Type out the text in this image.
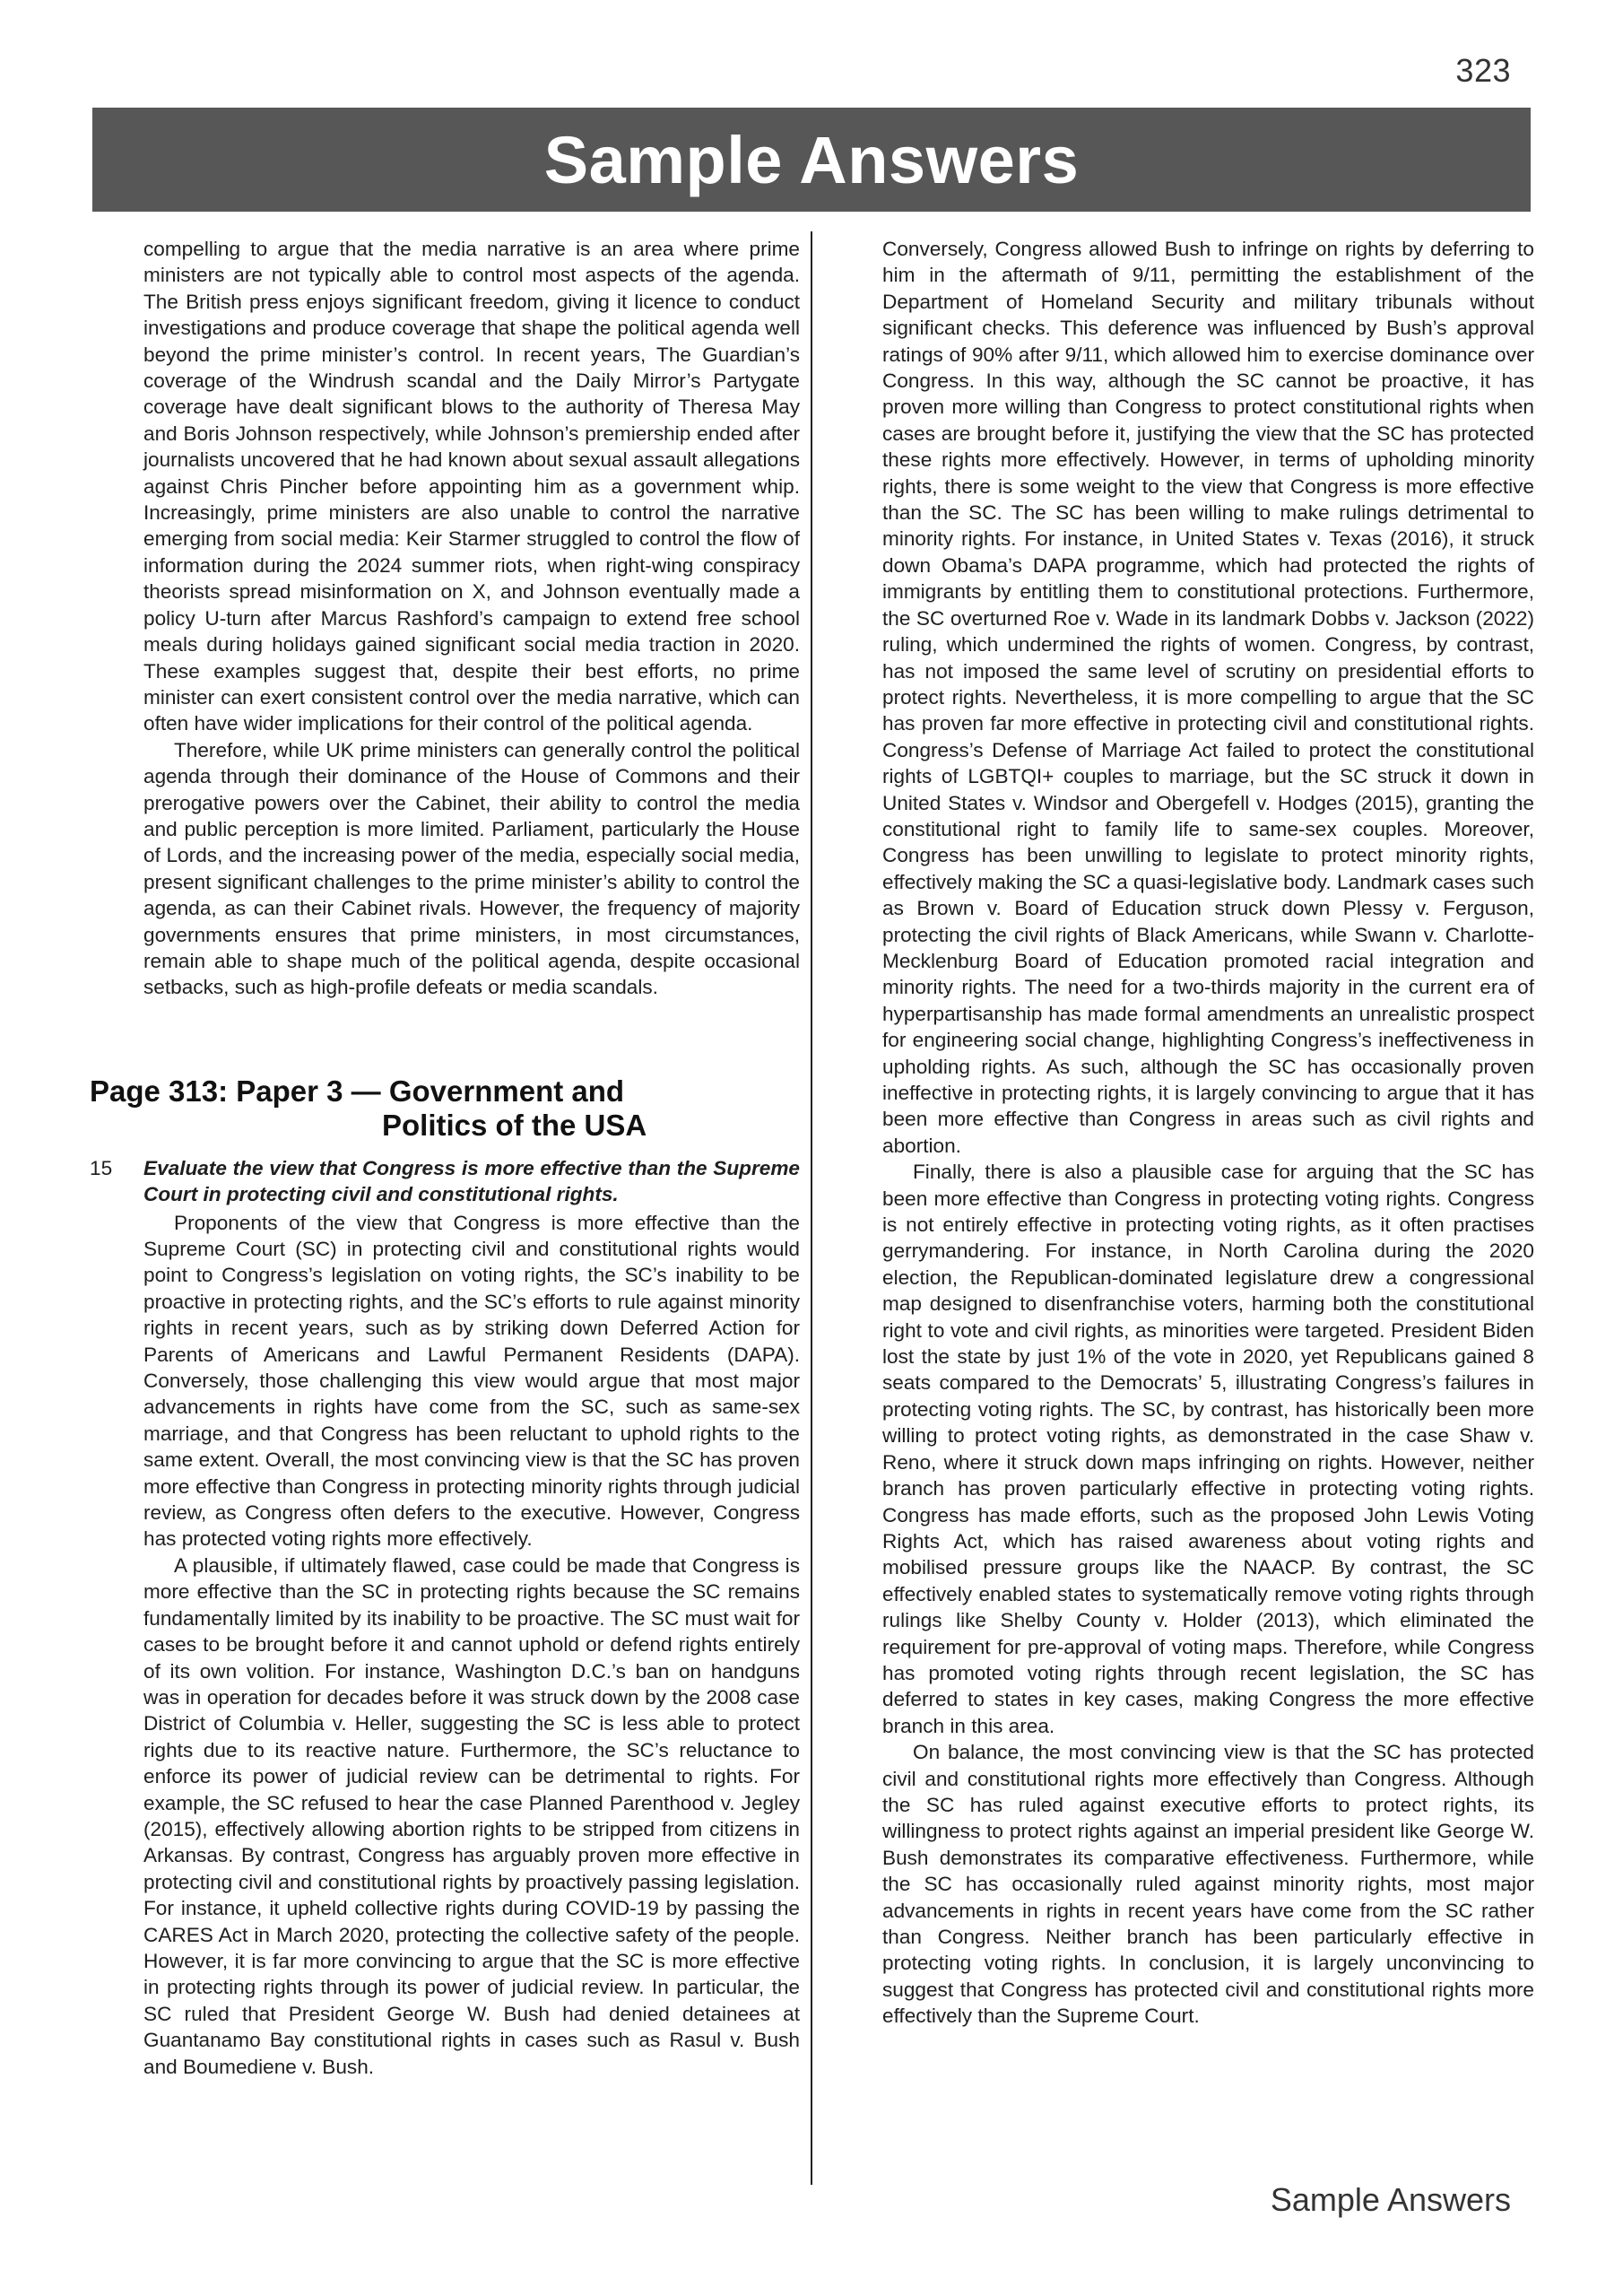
323
Sample Answers

compelling to argue that the media narrative is an area where prime ministers are not typically able to control most aspects of the agenda. The British press enjoys significant freedom, giving it licence to conduct investigations and produce coverage that shape the political agenda well beyond the prime minister’s control. In recent years, The Guardian’s coverage of the Windrush scandal and the Daily Mirror’s Partygate coverage have dealt significant blows to the authority of Theresa May and Boris Johnson respectively, while Johnson’s premiership ended after journalists uncovered that he had known about sexual assault allegations against Chris Pincher before appointing him as a government whip. Increasingly, prime ministers are also unable to control the narrative emerging from social media: Keir Starmer struggled to control the flow of information during the 2024 summer riots, when right-wing conspiracy theorists spread misinformation on X, and Johnson eventually made a policy U-turn after Marcus Rashford’s campaign to extend free school meals during holidays gained significant social media traction in 2020. These examples suggest that, despite their best efforts, no prime minister can exert consistent control over the media narrative, which can often have wider implications for their control of the political agenda.

Therefore, while UK prime ministers can generally control the political agenda through their dominance of the House of Commons and their prerogative powers over the Cabinet, their ability to control the media and public perception is more limited. Parliament, particularly the House of Lords, and the increasing power of the media, especially social media, present significant challenges to the prime minister’s ability to control the agenda, as can their Cabinet rivals. However, the frequency of majority governments ensures that prime ministers, in most circumstances, remain able to shape much of the political agenda, despite occasional setbacks, such as high-profile defeats or media scandals.

Page 313: Paper 3 — Government and
Politics of the USA
15 Evaluate the view that Congress is more effective than the Supreme Court in protecting civil and constitutional rights.

Proponents of the view that Congress is more effective than the Supreme Court (SC) in protecting civil and constitutional rights would point to Congress’s legislation on voting rights, the SC’s inability to be proactive in protecting rights, and the SC’s efforts to rule against minority rights in recent years, such as by striking down Deferred Action for Parents of Americans and Lawful Permanent Residents (DAPA). Conversely, those challenging this view would argue that most major advancements in rights have come from the SC, such as same-sex marriage, and that Congress has been reluctant to uphold rights to the same extent. Overall, the most convincing view is that the SC has proven more effective than Congress in protecting minority rights through judicial review, as Congress often defers to the executive. However, Congress has protected voting rights more effectively.

A plausible, if ultimately flawed, case could be made that Congress is more effective than the SC in protecting rights because the SC remains fundamentally limited by its inability to be proactive. The SC must wait for cases to be brought before it and cannot uphold or defend rights entirely of its own volition. For instance, Washington D.C.’s ban on handguns was in operation for decades before it was struck down by the 2008 case District of Columbia v. Heller, suggesting the SC is less able to protect rights due to its reactive nature. Furthermore, the SC’s reluctance to enforce its power of judicial review can be detrimental to rights. For example, the SC refused to hear the case Planned Parenthood v. Jegley (2015), effectively allowing abortion rights to be stripped from citizens in Arkansas. By contrast, Congress has arguably proven more effective in protecting civil and constitutional rights by proactively passing legislation. For instance, it upheld collective rights during COVID-19 by passing the CARES Act in March 2020, protecting the collective safety of the people. However, it is far more convincing to argue that the SC is more effective in protecting rights through its power of judicial review. In particular, the SC ruled that President George W. Bush had denied detainees at Guantanamo Bay constitutional rights in cases such as Rasul v. Bush and Boumediene v. Bush.

Conversely, Congress allowed Bush to infringe on rights by deferring to him in the aftermath of 9/11, permitting the establishment of the Department of Homeland Security and military tribunals without significant checks. This deference was influenced by Bush’s approval ratings of 90% after 9/11, which allowed him to exercise dominance over Congress. In this way, although the SC cannot be proactive, it has proven more willing than Congress to protect constitutional rights when cases are brought before it, justifying the view that the SC has protected these rights more effectively. However, in terms of upholding minority rights, there is some weight to the view that Congress is more effective than the SC. The SC has been willing to make rulings detrimental to minority rights. For instance, in United States v. Texas (2016), it struck down Obama’s DAPA programme, which had protected the rights of immigrants by entitling them to constitutional protections. Furthermore, the SC overturned Roe v. Wade in its landmark Dobbs v. Jackson (2022) ruling, which undermined the rights of women. Congress, by contrast, has not imposed the same level of scrutiny on presidential efforts to protect rights. Nevertheless, it is more compelling to argue that the SC has proven far more effective in protecting civil and constitutional rights. Congress’s Defense of Marriage Act failed to protect the constitutional rights of LGBTQI+ couples to marriage, but the SC struck it down in United States v. Windsor and Obergefell v. Hodges (2015), granting the constitutional right to family life to same-sex couples. Moreover, Congress has been unwilling to legislate to protect minority rights, effectively making the SC a quasi-legislative body. Landmark cases such as Brown v. Board of Education struck down Plessy v. Ferguson, protecting the civil rights of Black Americans, while Swann v. Charlotte-Mecklenburg Board of Education promoted racial integration and minority rights. The need for a two-thirds majority in the current era of hyperpartisanship has made formal amendments an unrealistic prospect for engineering social change, highlighting Congress’s ineffectiveness in upholding rights. As such, although the SC has occasionally proven ineffective in protecting rights, it is largely convincing to argue that it has been more effective than Congress in areas such as civil rights and abortion.

Finally, there is also a plausible case for arguing that the SC has been more effective than Congress in protecting voting rights. Congress is not entirely effective in protecting voting rights, as it often practises gerrymandering. For instance, in North Carolina during the 2020 election, the Republican-dominated legislature drew a congressional map designed to disenfranchise voters, harming both the constitutional right to vote and civil rights, as minorities were targeted. President Biden lost the state by just 1% of the vote in 2020, yet Republicans gained 8 seats compared to the Democrats’ 5, illustrating Congress’s failures in protecting voting rights. The SC, by contrast, has historically been more willing to protect voting rights, as demonstrated in the case Shaw v. Reno, where it struck down maps infringing on rights. However, neither branch has proven particularly effective in protecting voting rights. Congress has made efforts, such as the proposed John Lewis Voting Rights Act, which has raised awareness about voting rights and mobilised pressure groups like the NAACP. By contrast, the SC effectively enabled states to systematically remove voting rights through rulings like Shelby County v. Holder (2013), which eliminated the requirement for pre-approval of voting maps. Therefore, while Congress has promoted voting rights through recent legislation, the SC has deferred to states in key cases, making Congress the more effective branch in this area.

On balance, the most convincing view is that the SC has protected civil and constitutional rights more effectively than Congress. Although the SC has ruled against executive efforts to protect rights, its willingness to protect rights against an imperial president like George W. Bush demonstrates its comparative effectiveness. Furthermore, while the SC has occasionally ruled against minority rights, most major advancements in rights in recent years have come from the SC rather than Congress. Neither branch has been particularly effective in protecting voting rights. In conclusion, it is largely unconvincing to suggest that Congress has protected civil and constitutional rights more effectively than the Supreme Court.

Sample Answers
